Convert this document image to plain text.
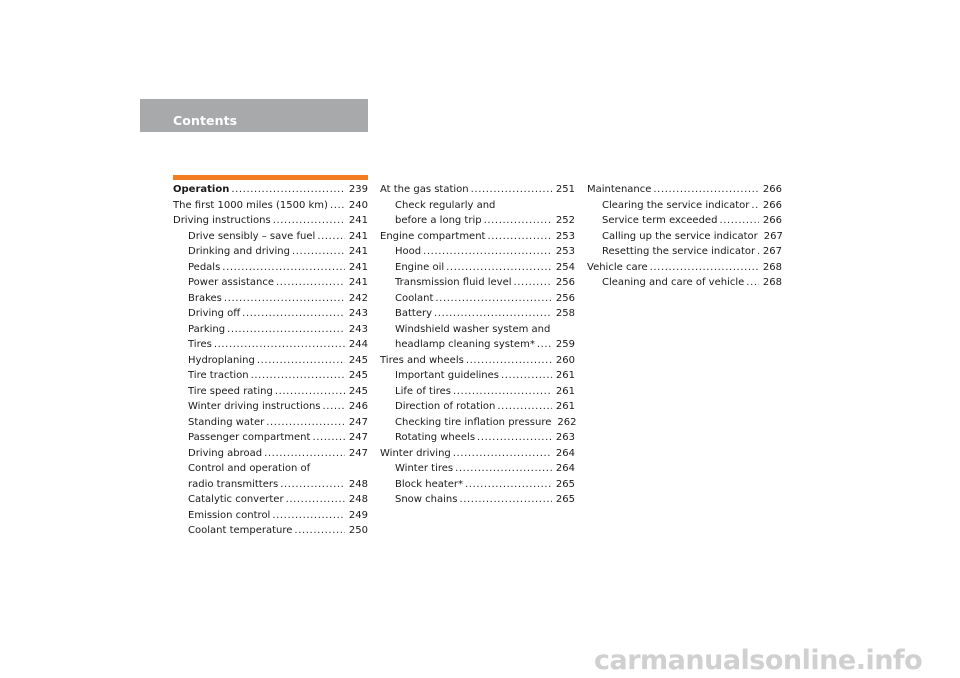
Contents
Operation .....	239
The first 1000 miles (1500 km) ..... 240
Driving instructions .....	241
Drive sensibly – save fuel .....	241
Drinking and driving .....	241
Pedals .....	241
Power assistance .....	241
Brakes .....	242
Driving off .....	243
Parking .....	243
Tires .....	244
Hydroplaning .....	245
Tire traction .....	245
Tire speed rating .....	245
Winter driving instructions .....	246
Standing water .....	247
Passenger compartment .....	247
Driving abroad .....	247
Control and operation of
radio transmitters .....	248
Catalytic converter .....	248
Emission control .....	249
Coolant temperature .....	250
At the gas station .....	251
Check regularly and
before a long trip .....	252
Engine compartment .....	253
Hood .....	253
Engine oil .....	254
Transmission fluid level .....	256
Coolant .....	256
Battery .....	258
Windshield washer system and
headlamp cleaning system* ..... 259
Tires and wheels .....	260
Important guidelines .....	261
Life of tires .....	261
Direction of rotation .....	261
Checking tire inflation pressure 262
Rotating wheels .....	263
Winter driving .....	264
Winter tires .....	264
Block heater* .....	265
Snow chains .....	265
Maintenance .....	266
Clearing the service indicator ..... 266
Service term exceeded .....	266
Calling up the service indicator 267
Resetting the service indicator ..... 267
Vehicle care .....	268
Cleaning and care of vehicle ..... 268
carmanualsonline.info
